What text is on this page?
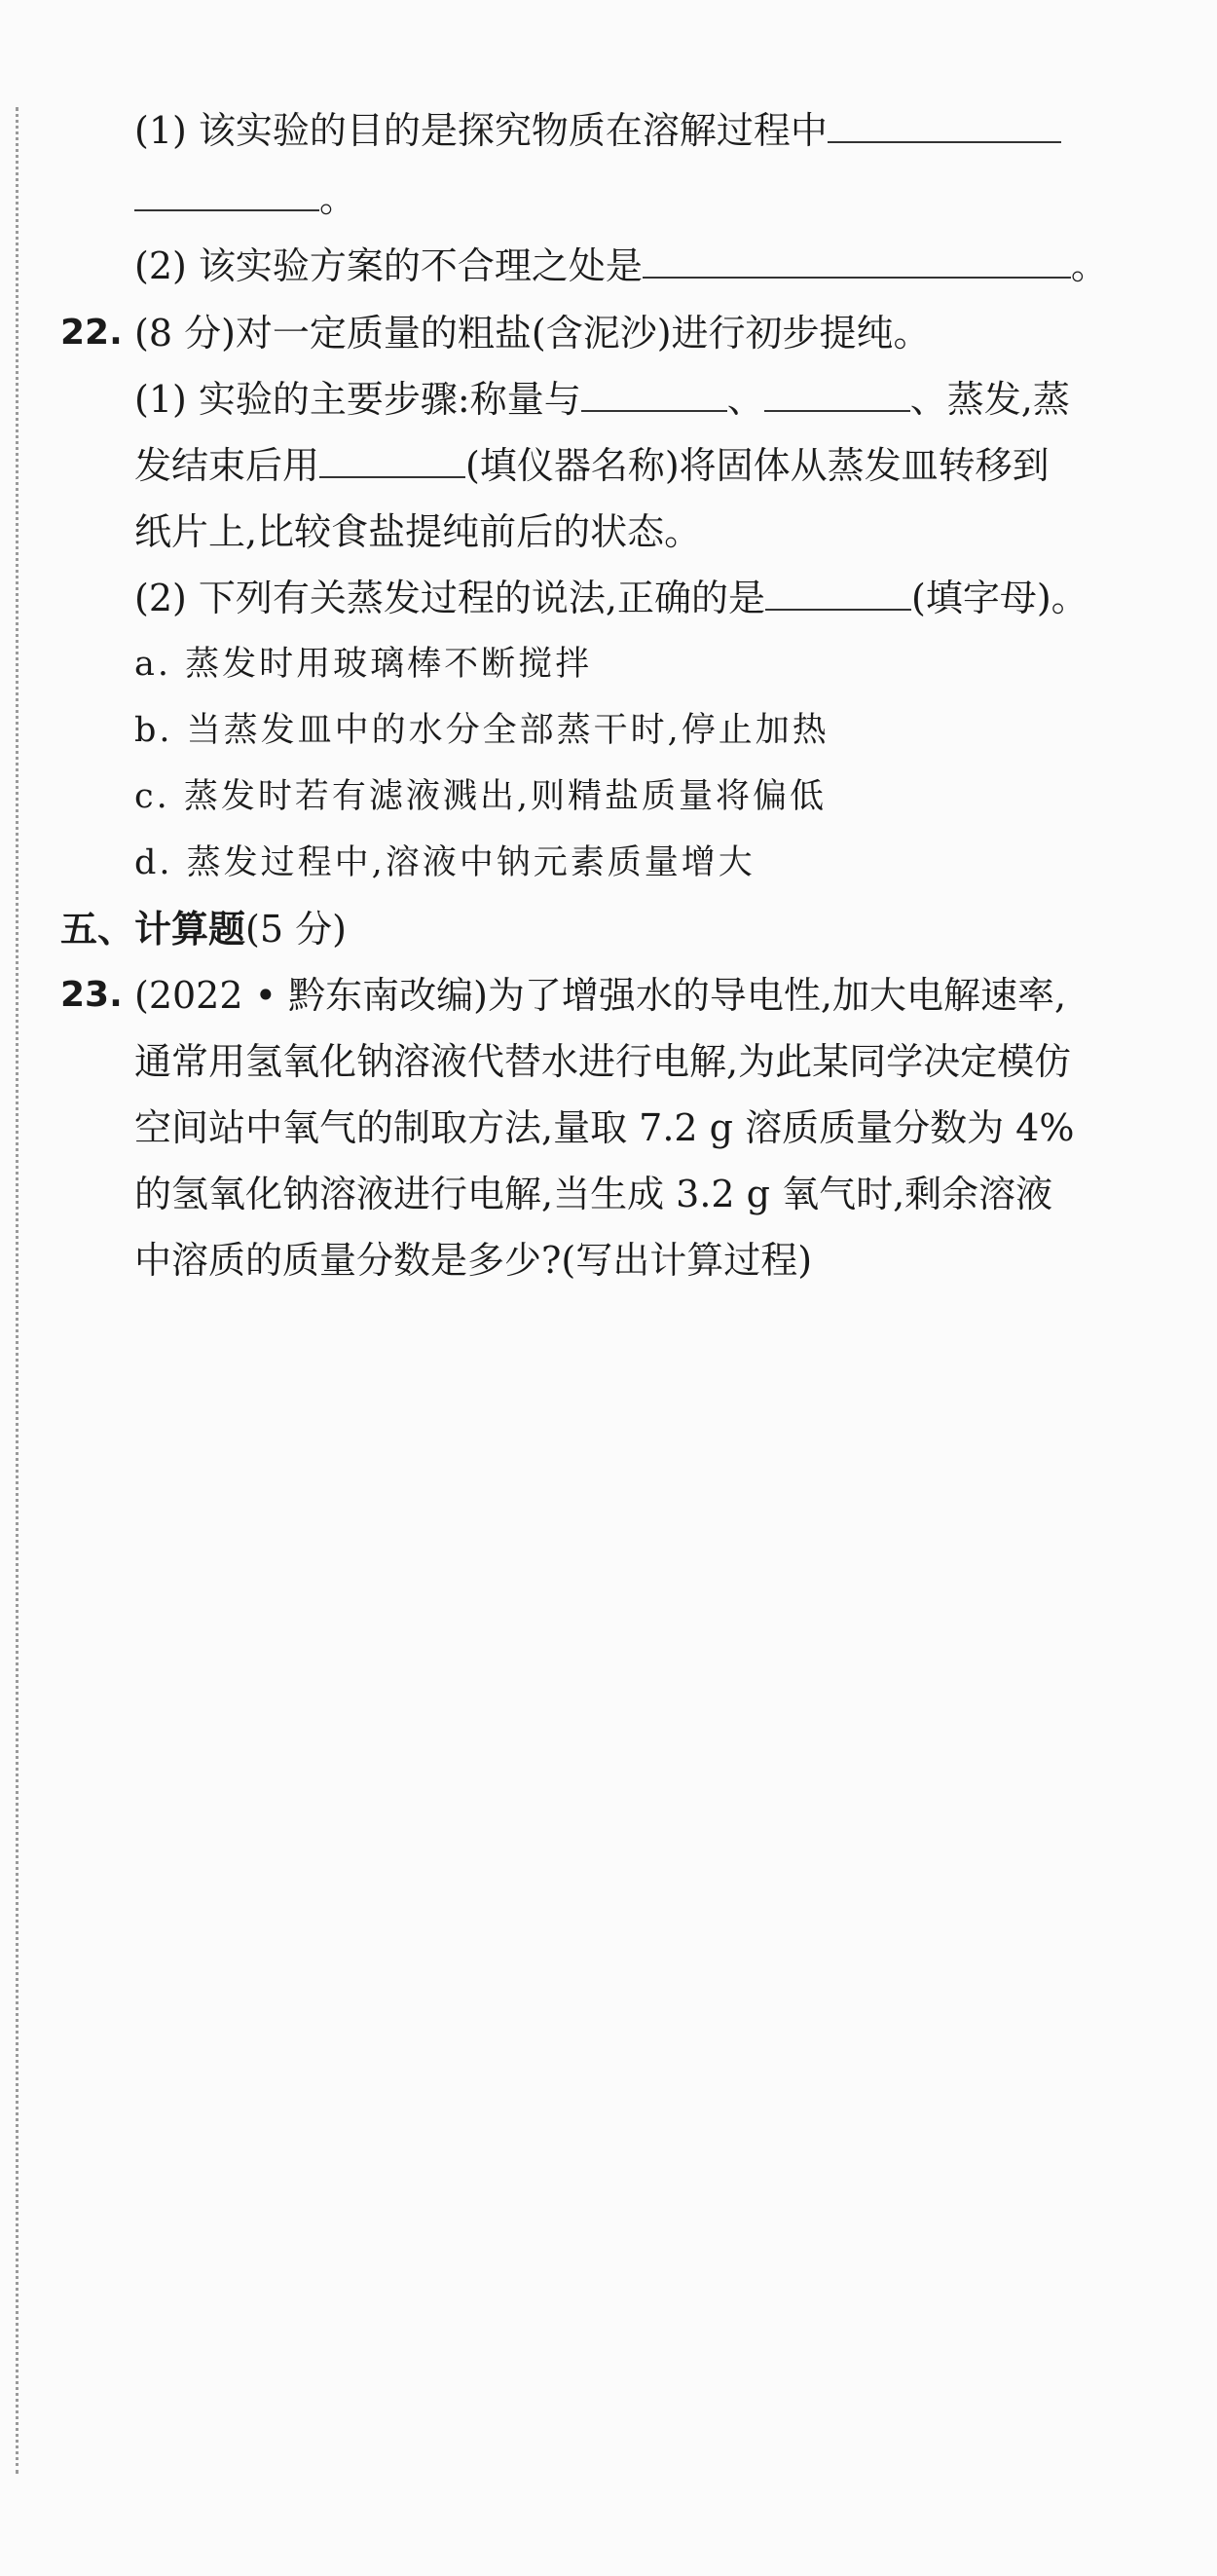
(1) 该实验的目的是探究物质在溶解过程中
。
(2) 该实验方案的不合理之处是	。
22. (8 分)对一定质量的粗盐(含泥沙)进行初步提纯。
(1) 实验的主要步骤:称量与	、	、蒸发,蒸
发结束后用	(填仪器名称)将固体从蒸发皿转移到
纸片上,比较食盐提纯前后的状态。
(2) 下列有关蒸发过程的说法,正确的是	(填字母)。
a. 蒸发时用玻璃棒不断搅拌
b. 当蒸发皿中的水分全部蒸干时,停止加热
c. 蒸发时若有滤液溅出,则精盐质量将偏低
d. 蒸发过程中,溶液中钠元素质量增大
五、计算题(5 分)
23. (2022 • 黔东南改编)为了增强水的导电性,加大电解速率,
通常用氢氧化钠溶液代替水进行电解,为此某同学决定模仿
空间站中氧气的制取方法,量取 7.2 g 溶质质量分数为 4%
的氢氧化钠溶液进行电解,当生成 3.2 g 氧气时,剩余溶液
中溶质的质量分数是多少?(写出计算过程)
